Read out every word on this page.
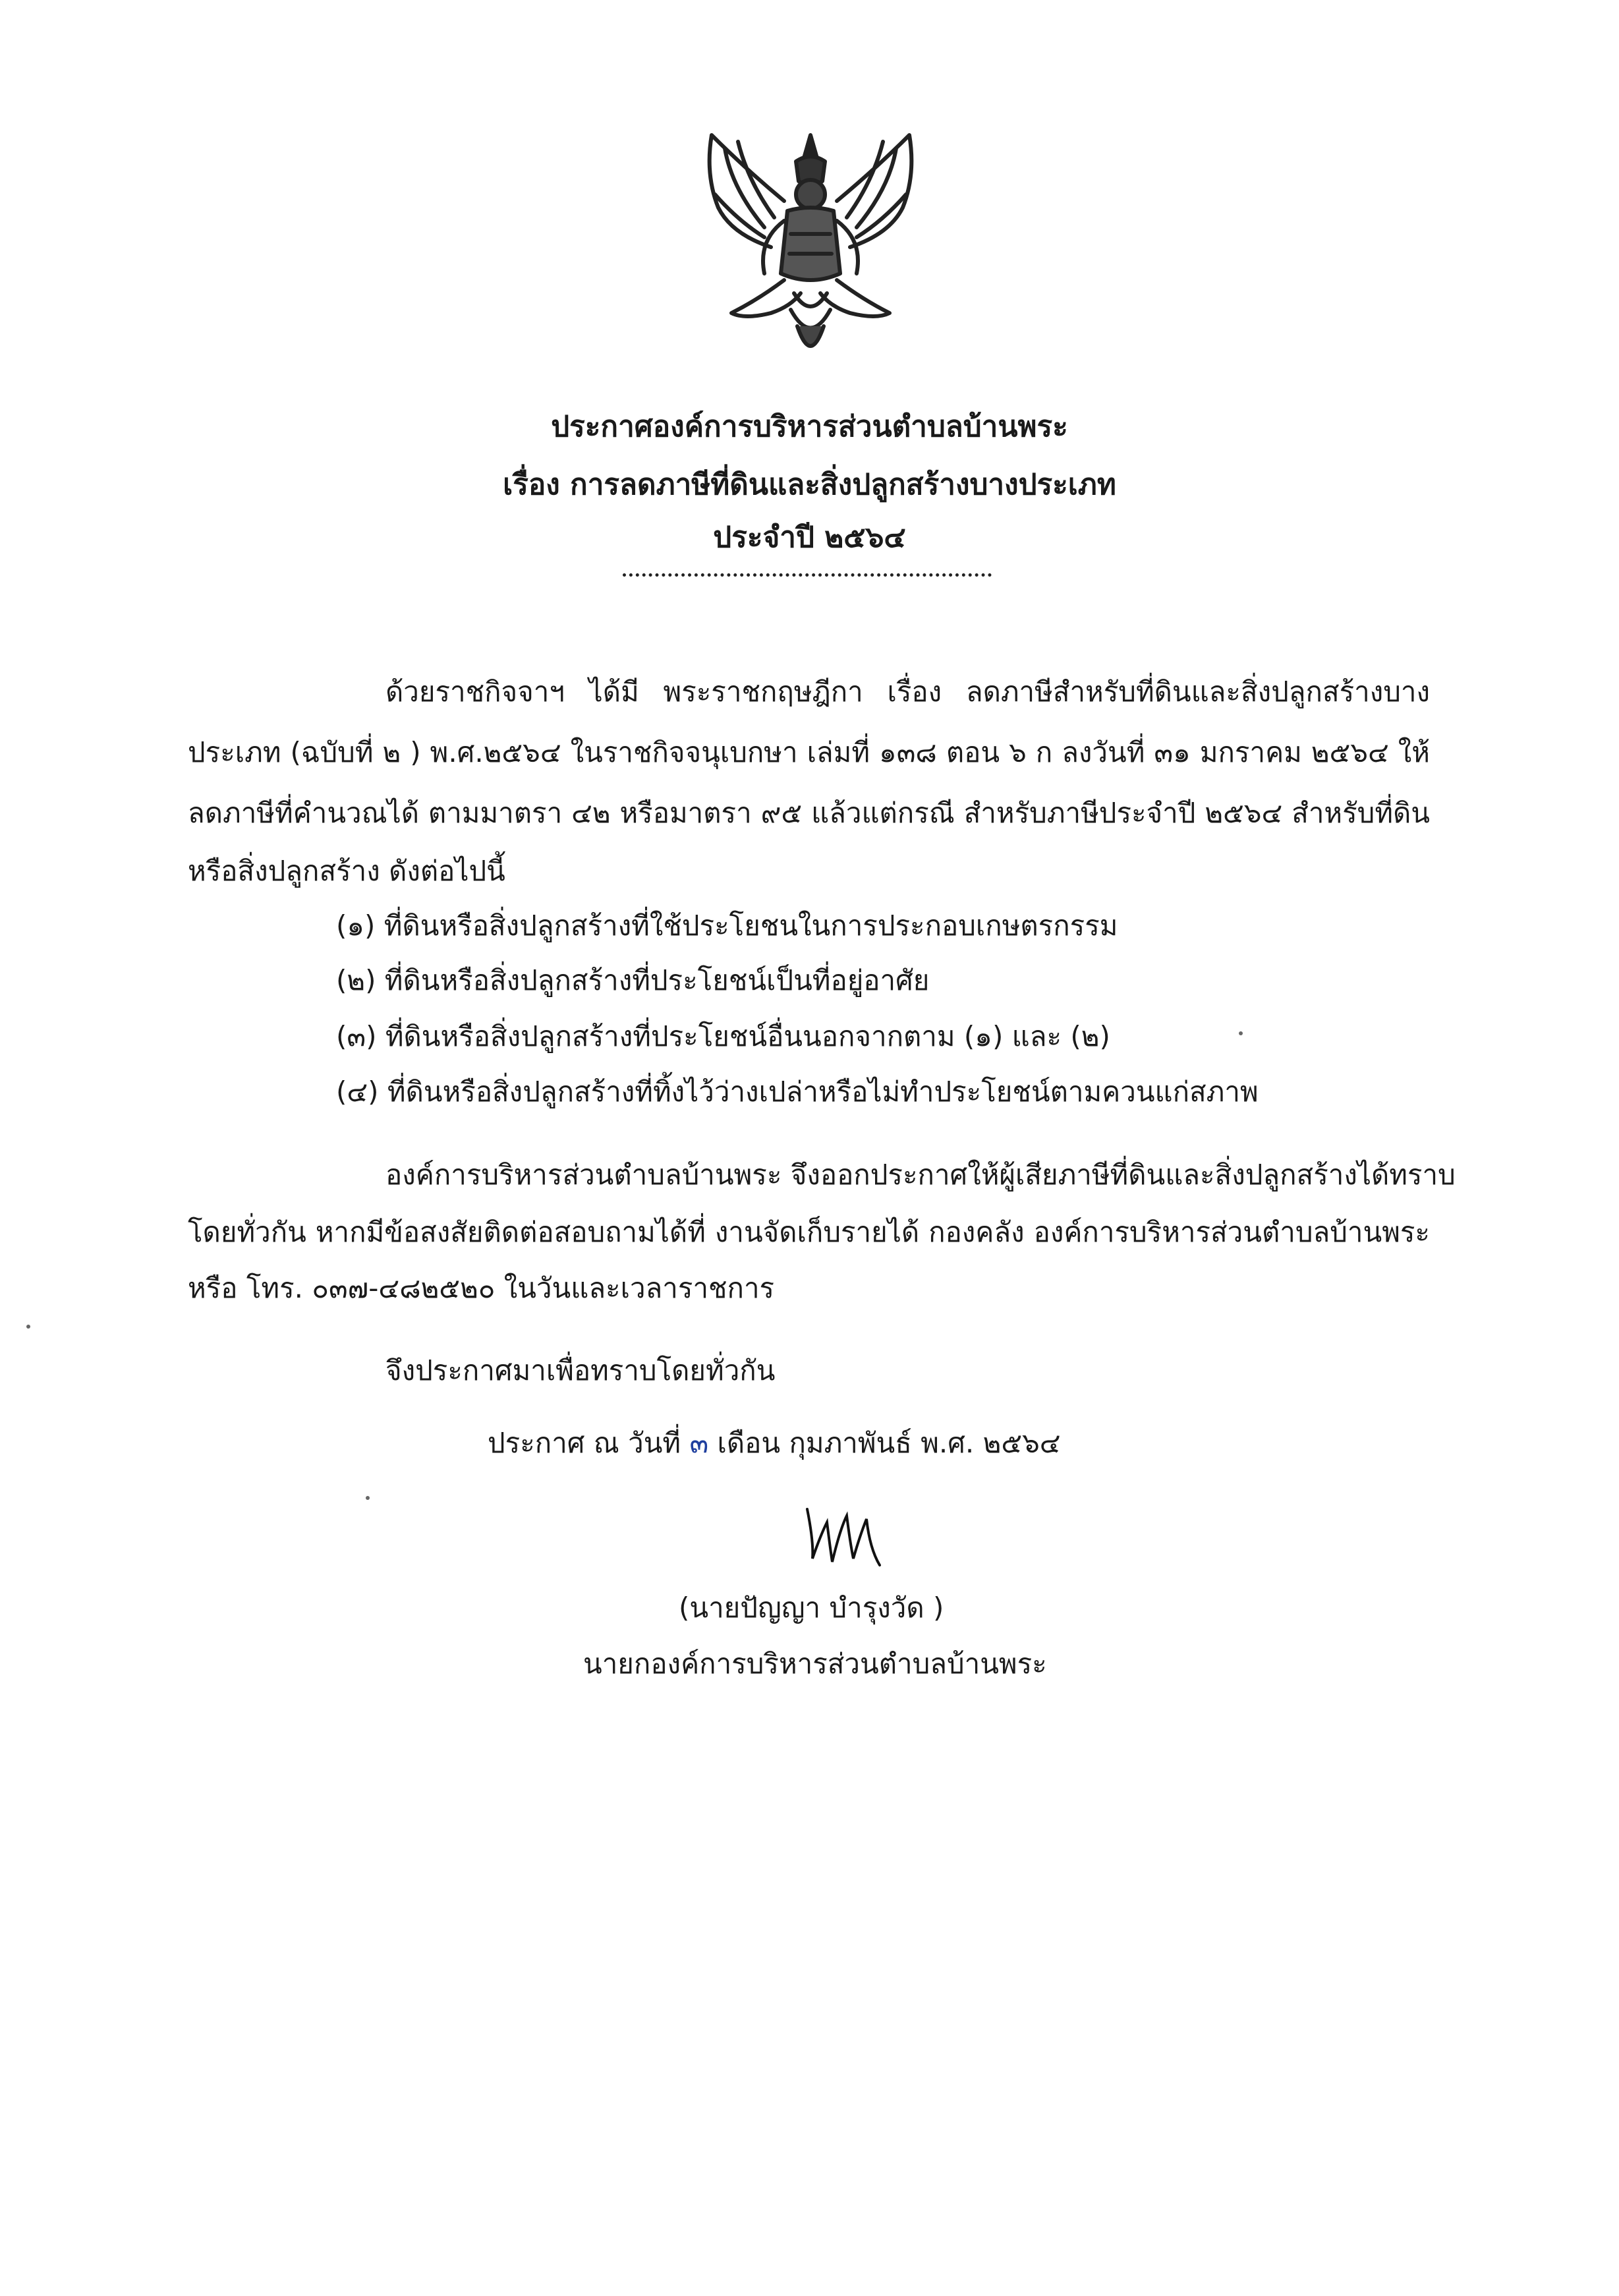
ประกาศองค์การบริหารส่วนตำบลบ้านพระ
เรื่อง การลดภาษีที่ดินและสิ่งปลูกสร้างบางประเภท
ประจำปี ๒๕๖๔
ด้วยราชกิจจาฯ ได้มี พระราชกฤษฎีกา เรื่อง ลดภาษีสำหรับที่ดินและสิ่งปลูกสร้างบาง
ประเภท (ฉบับที่ ๒ ) พ.ศ.๒๕๖๔ ในราชกิจจนุเบกษา เล่มที่ ๑๓๘ ตอน ๖ ก ลงวันที่ ๓๑ มกราคม ๒๕๖๔ ให้
ลดภาษีที่คำนวณได้ ตามมาตรา ๔๒ หรือมาตรา ๙๕ แล้วแต่กรณี สำหรับภาษีประจำปี ๒๕๖๔ สำหรับที่ดิน
หรือสิ่งปลูกสร้าง ดังต่อไปนี้
(๑) ที่ดินหรือสิ่งปลูกสร้างที่ใช้ประโยชนในการประกอบเกษตรกรรม
(๒) ที่ดินหรือสิ่งปลูกสร้างที่ประโยชน์เป็นที่อยู่อาศัย
(๓) ที่ดินหรือสิ่งปลูกสร้างที่ประโยชน์อื่นนอกจากตาม (๑) และ (๒)
(๔) ที่ดินหรือสิ่งปลูกสร้างที่ทิ้งไว้ว่างเปล่าหรือไม่ทำประโยชน์ตามควนแก่สภาพ
องค์การบริหารส่วนตำบลบ้านพระ จึงออกประกาศให้ผู้เสียภาษีที่ดินและสิ่งปลูกสร้างได้ทราบ
โดยทั่วกัน หากมีข้อสงสัยติดต่อสอบถามได้ที่ งานจัดเก็บรายได้ กองคลัง องค์การบริหารส่วนตำบลบ้านพระ
หรือ โทร. ๐๓๗-๔๘๒๕๒๐ ในวันและเวลาราชการ
จึงประกาศมาเพื่อทราบโดยทั่วกัน
ประกาศ ณ วันที่ ๓ เดือน กุมภาพันธ์ พ.ศ. ๒๕๖๔
(นายปัญญา บำรุงวัด )
นายกองค์การบริหารส่วนตำบลบ้านพระ
